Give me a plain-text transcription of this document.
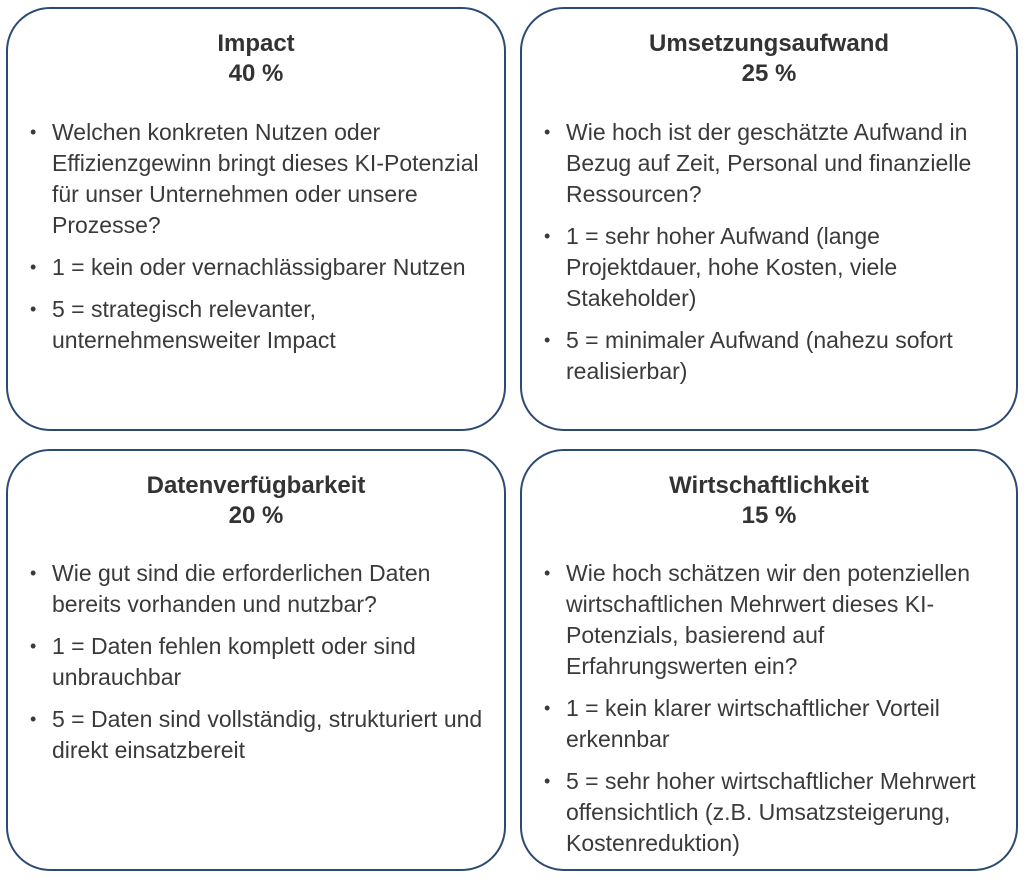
Impact
40 %
• Welchen konkreten Nutzen oder Effizienzgewinn bringt dieses KI-Potenzial für unser Unternehmen oder unsere Prozesse?
• 1 = kein oder vernachlässigbarer Nutzen
• 5 = strategisch relevanter, unternehmensweiter Impact
Umsetzungsaufwand
25 %
• Wie hoch ist der geschätzte Aufwand in Bezug auf Zeit, Personal und finanzielle Ressourcen?
• 1 = sehr hoher Aufwand (lange Projektdauer, hohe Kosten, viele Stakeholder)
• 5 = minimaler Aufwand (nahezu sofort realisierbar)
Datenverfügbarkeit
20 %
• Wie gut sind die erforderlichen Daten bereits vorhanden und nutzbar?
• 1 = Daten fehlen komplett oder sind unbrauchbar
• 5 = Daten sind vollständig, strukturiert und direkt einsatzbereit
Wirtschaftlichkeit
15 %
• Wie hoch schätzen wir den potenziellen wirtschaftlichen Mehrwert dieses KI-Potenzials, basierend auf Erfahrungswerten ein?
• 1 = kein klarer wirtschaftlicher Vorteil erkennbar
• 5 = sehr hoher wirtschaftlicher Mehrwert offensichtlich (z.B. Umsatzsteigerung, Kostenreduktion)
